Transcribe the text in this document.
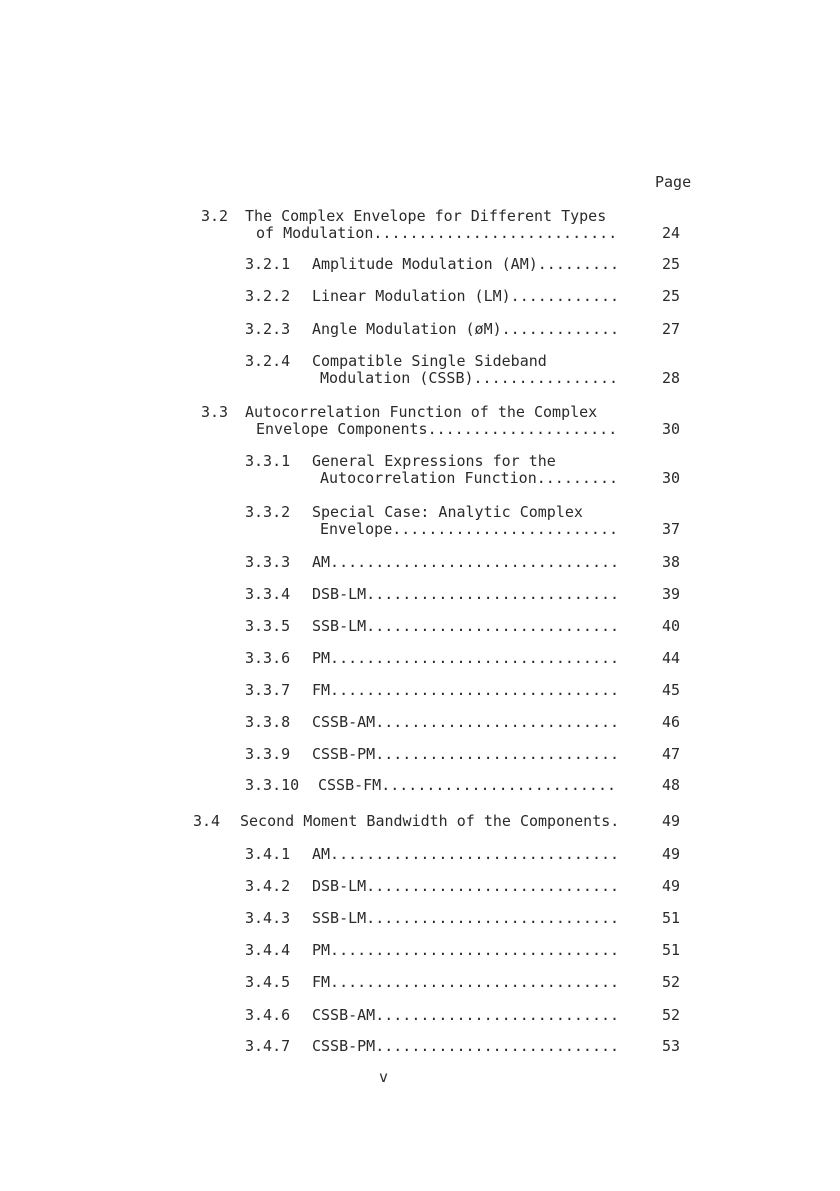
Page
3.2 The Complex Envelope for Different Types
of Modulation...........................	24
3.2.1 Amplitude Modulation (AM).........	25
3.2.2 Linear Modulation (LM)............	25
3.2.3 Angle Modulation (øM).............	27
3.2.4 Compatible Single Sideband
Modulation (CSSB)................	28
3.3 Autocorrelation Function of the Complex
Envelope Components.....................	30
3.3.1 General Expressions for the
Autocorrelation Function.........	30
3.3.2 Special Case: Analytic Complex
Envelope.........................	37
3.3.3 AM................................	38
3.3.4 DSB-LM............................	39
3.3.5 SSB-LM............................	40
3.3.6 PM................................	44
3.3.7 FM................................	45
3.3.8 CSSB-AM...........................	46
3.3.9 CSSB-PM...........................	47
3.3.10 CSSB-FM..........................	48
3.4 Second Moment Bandwidth of the Components.	49
3.4.1 AM................................	49
3.4.2 DSB-LM............................	49
3.4.3 SSB-LM............................	51
3.4.4 PM................................	51
3.4.5 FM................................	52
3.4.6 CSSB-AM...........................	52
3.4.7 CSSB-PM...........................	53
v
